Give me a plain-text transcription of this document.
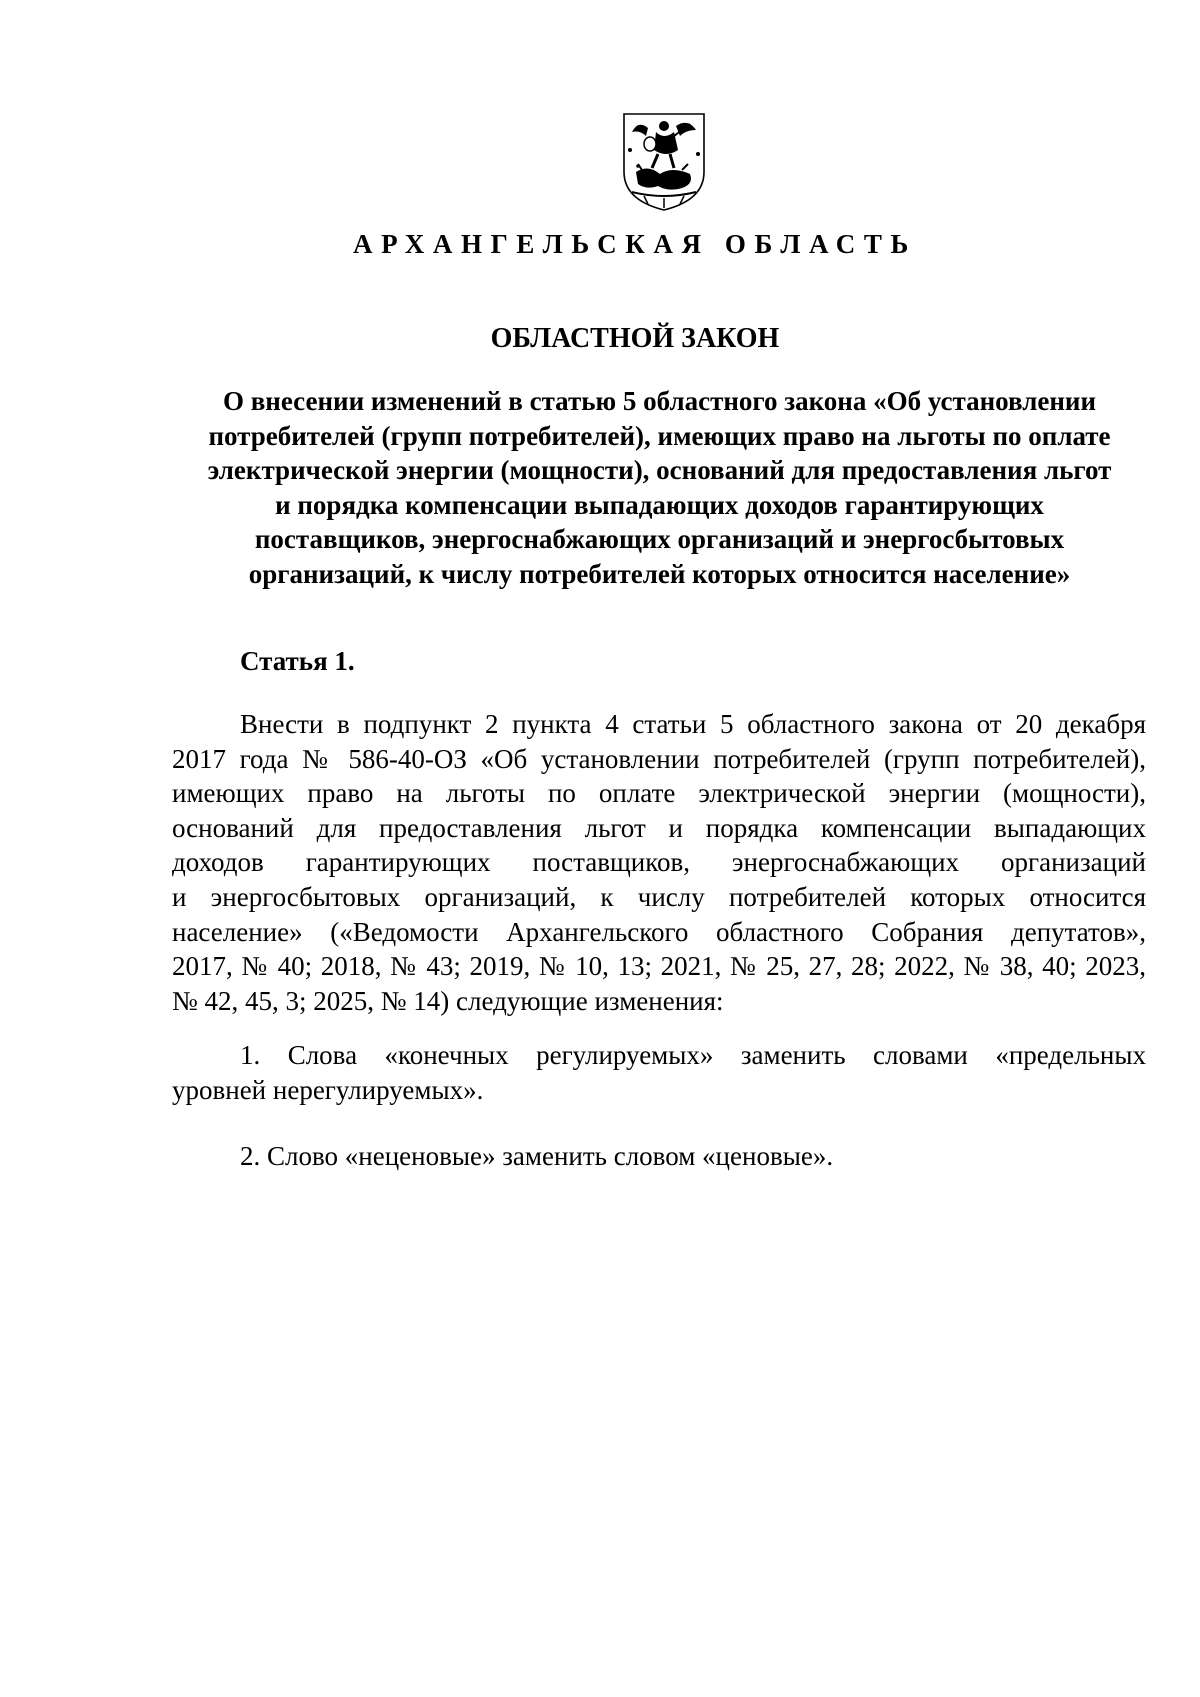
АРХАНГЕЛЬСКАЯ ОБЛАСТЬ
ОБЛАСТНОЙ ЗАКОН
О внесении изменений в статью 5 областного закона «Об установлении
потребителей (групп потребителей), имеющих право на льготы по оплате
электрической энергии (мощности), оснований для предоставления льгот
и порядка компенсации выпадающих доходов гарантирующих
поставщиков, энергоснабжающих организаций и энергосбытовых
организаций, к числу потребителей которых относится население»
Статья 1.
Внести в подпункт 2 пункта 4 статьи 5 областного закона от 20 декабря
2017 года № 586-40-ОЗ «Об установлении потребителей (групп потребителей),
имеющих право на льготы по оплате электрической энергии (мощности),
оснований для предоставления льгот и порядка компенсации выпадающих
доходов гарантирующих поставщиков, энергоснабжающих организаций
и энергосбытовых организаций, к числу потребителей которых относится
население» («Ведомости Архангельского областного Собрания депутатов»,
2017, № 40; 2018, № 43; 2019, № 10, 13; 2021, № 25, 27, 28; 2022, № 38, 40; 2023,
№ 42, 45, 3; 2025, № 14) следующие изменения:
1. Слова «конечных регулируемых» заменить словами «предельных
уровней нерегулируемых».
2. Слово «неценовые» заменить словом «ценовые».
